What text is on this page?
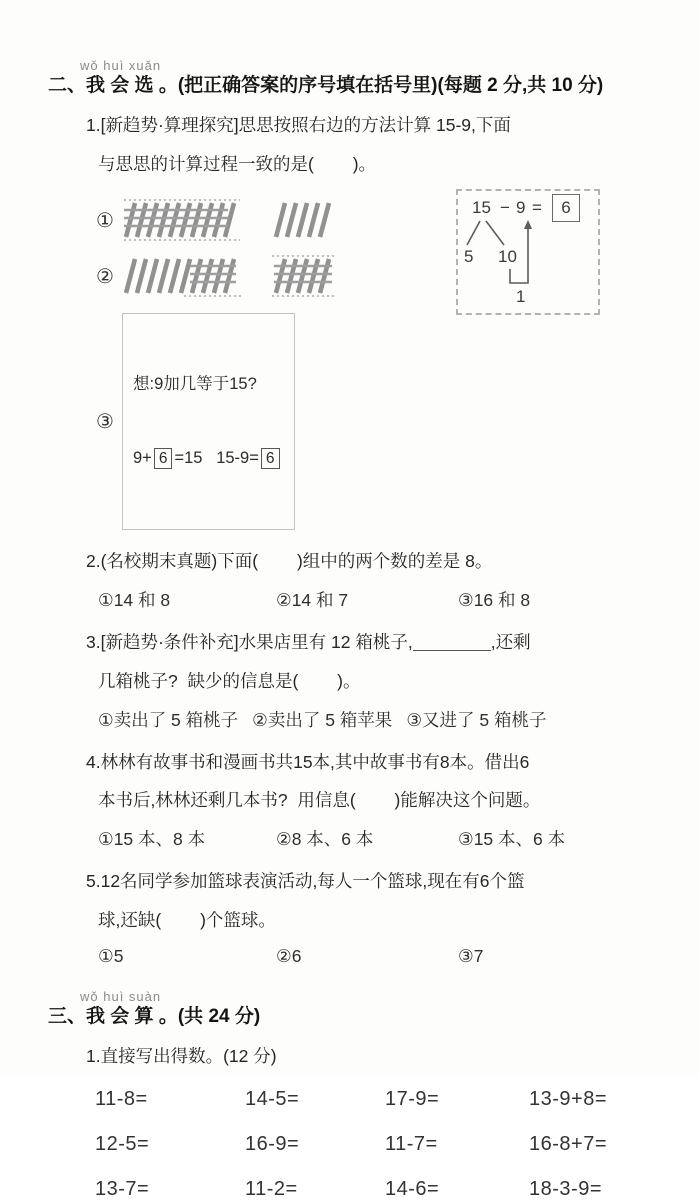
wǒ huì xuǎn
二、我 会 选 。(把正确答案的序号填在括号里)(每题 2 分,共 10 分)
1.[新趋势·算理探究]思思按照右边的方法计算 15-9,下面
与思思的计算过程一致的是(        )。
①
②
③

想:9加几等于15?

9+ 6 =15 15-9= 6

15 − 9 =	6
5 10
1
2.(名校期末真题)下面(        )组中的两个数的差是 8。
①14 和 8	②14 和 7	③16 和 8
3.[新趋势·条件补充]水果店里有 12 箱桃子,	,还剩
几箱桃子?  缺少的信息是(        )。
①卖出了 5 箱桃子 ②卖出了 5 箱苹果 ③又进了 5 箱桃子
4.林林有故事书和漫画书共15本,其中故事书有8本。借出6
本书后,林林还剩几本书?  用信息(        )能解决这个问题。
①15 本、8 本	②8 本、6 本	③15 本、6 本
5.12名同学参加篮球表演活动,每人一个篮球,现在有6个篮
球,还缺(        )个篮球。
①5	②6	③7
wǒ huì suàn
三、我 会 算 。(共 24 分)
1.直接写出得数。(12 分)
11-8=	14-5=	17-9=	13-9+8=
12-5=	16-9=	11-7=	16-8+7=
13-7=	11-2=	14-6=	18-3-9=
